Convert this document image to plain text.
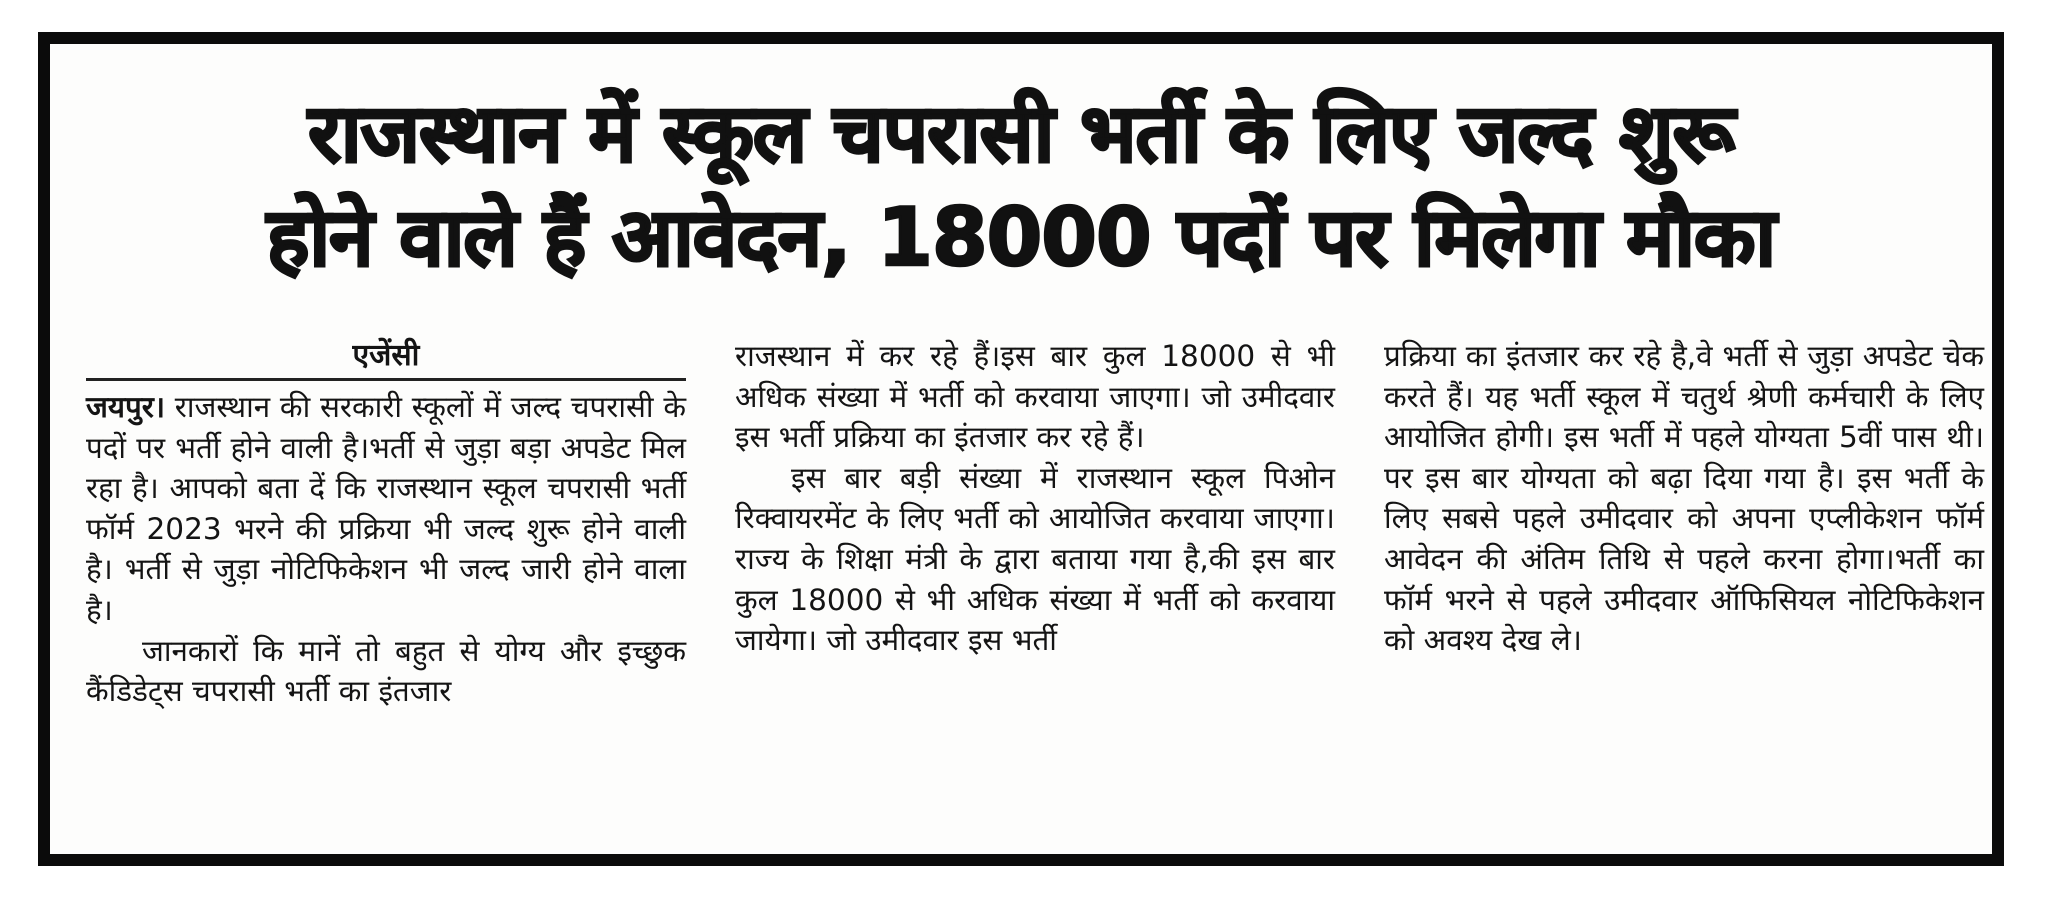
राजस्थान में स्कूल चपरासी भर्ती के लिए जल्द शुरू
होने वाले हैं आवेदन, 18000 पदों पर मिलेगा मौका
एजेंसी

जयपुर। राजस्थान की सरकारी स्कूलों में जल्द चपरासी के पदों पर भर्ती होने वाली है।भर्ती से जुड़ा बड़ा अपडेट मिल रहा है। आपको बता दें कि राजस्थान स्कूल चपरासी भर्ती फॉर्म 2023 भरने की प्रक्रिया भी जल्द शुरू होने वाली है। भर्ती से जुड़ा नोटिफिकेशन भी जल्द जारी होने वाला है।

जानकारों कि मानें तो बहुत से योग्य और इच्छुक कैंडिडेट्स चपरासी भर्ती का इंतजार

राजस्थान में कर रहे हैं।इस बार कुल 18000 से भी अधिक संख्या में भर्ती को करवाया जाएगा। जो उमीदवार इस भर्ती प्रक्रिया का इंतजार कर रहे हैं।

इस बार बड़ी संख्या में राजस्थान स्कूल पिओन रिक्वायरमेंट के लिए भर्ती को आयोजित करवाया जाएगा। राज्य के शिक्षा मंत्री के द्वारा बताया गया है,की इस बार कुल 18000 से भी अधिक संख्या में भर्ती को करवाया जायेगा। जो उमीदवार इस भर्ती

प्रक्रिया का इंतजार कर रहे है,वे भर्ती से जुड़ा अपडेट चेक करते हैं। यह भर्ती स्कूल में चतुर्थ श्रेणी कर्मचारी के लिए आयोजित होगी। इस भर्ती में पहले योग्यता 5वीं पास थी। पर इस बार योग्यता को बढ़ा दिया गया है। इस भर्ती के लिए सबसे पहले उमीदवार को अपना एप्लीकेशन फॉर्म आवेदन की अंतिम तिथि से पहले करना होगा।भर्ती का फॉर्म भरने से पहले उमीदवार ऑफिसियल नोटिफिकेशन को अवश्य देख ले।
